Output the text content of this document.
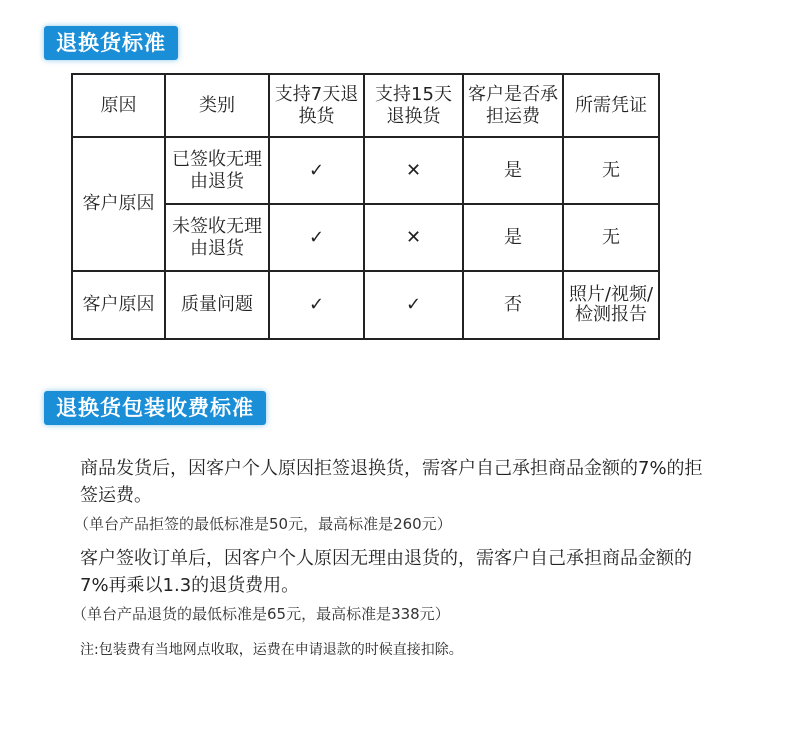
退换货标准
原因	类别	支持7天退换货	支持15天退换货	客户是否承担运费	所需凭证
客户原因	已签收无理由退货	✓	✕	是	无
	未签收无理由退货	✓	✕	是	无
客户原因	质量问题	✓	✓	否	照片/视频/检测报告
退换货包装收费标准
商品发货后，因客户个人原因拒签退换货，需客户自己承担商品金额的7%的拒签运费。
（单台产品拒签的最低标准是50元，最高标准是260元）
客户签收订单后，因客户个人原因无理由退货的，需客户自己承担商品金额的7%再乘以1.3的退货费用。
（单台产品退货的最低标准是65元，最高标准是338元）
注:包装费有当地网点收取，运费在申请退款的时候直接扣除。
